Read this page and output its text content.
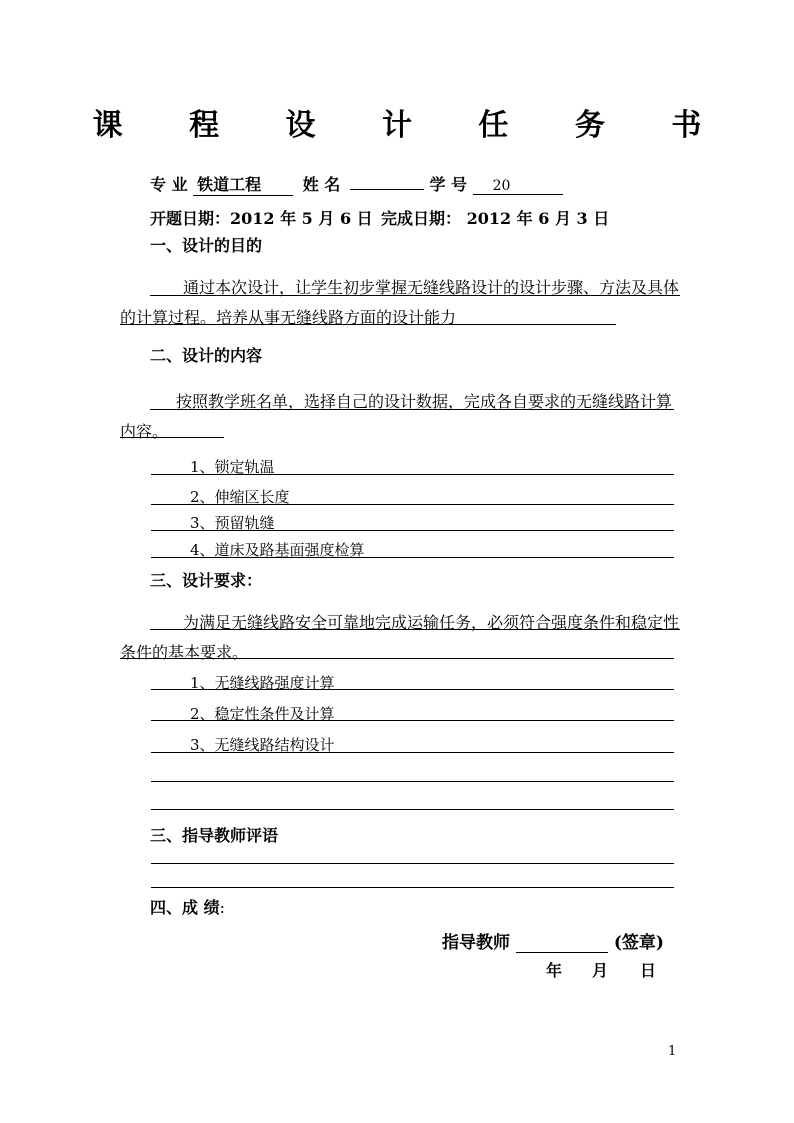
课 程 设 计 任 务 书
专 业 铁道工程	姓 名	学 号 20
开题日期：2012 年 5 月 6 日 完成日期： 2012 年 6 月 3 日
一、设计的目的
通过本次设计，让学生初步掌握无缝线路设计的设计步骤、方法及具体
的计算过程。培养从事无缝线路方面的设计能力
二、设计的内容
按照教学班名单，选择自己的设计数据，完成各自要求的无缝线路计算
内容。
1、锁定轨温
2、伸缩区长度
3、预留轨缝
4、道床及路基面强度检算
三、设计要求：
为满足无缝线路安全可靠地完成运输任务，必须符合强度条件和稳定性
条件的基本要求。
1、无缝线路强度计算
2、稳定性条件及计算
3、无缝线路结构设计
三、指导教师评语
四、成 绩:
指导教师	(签章)
年 月 日
1
